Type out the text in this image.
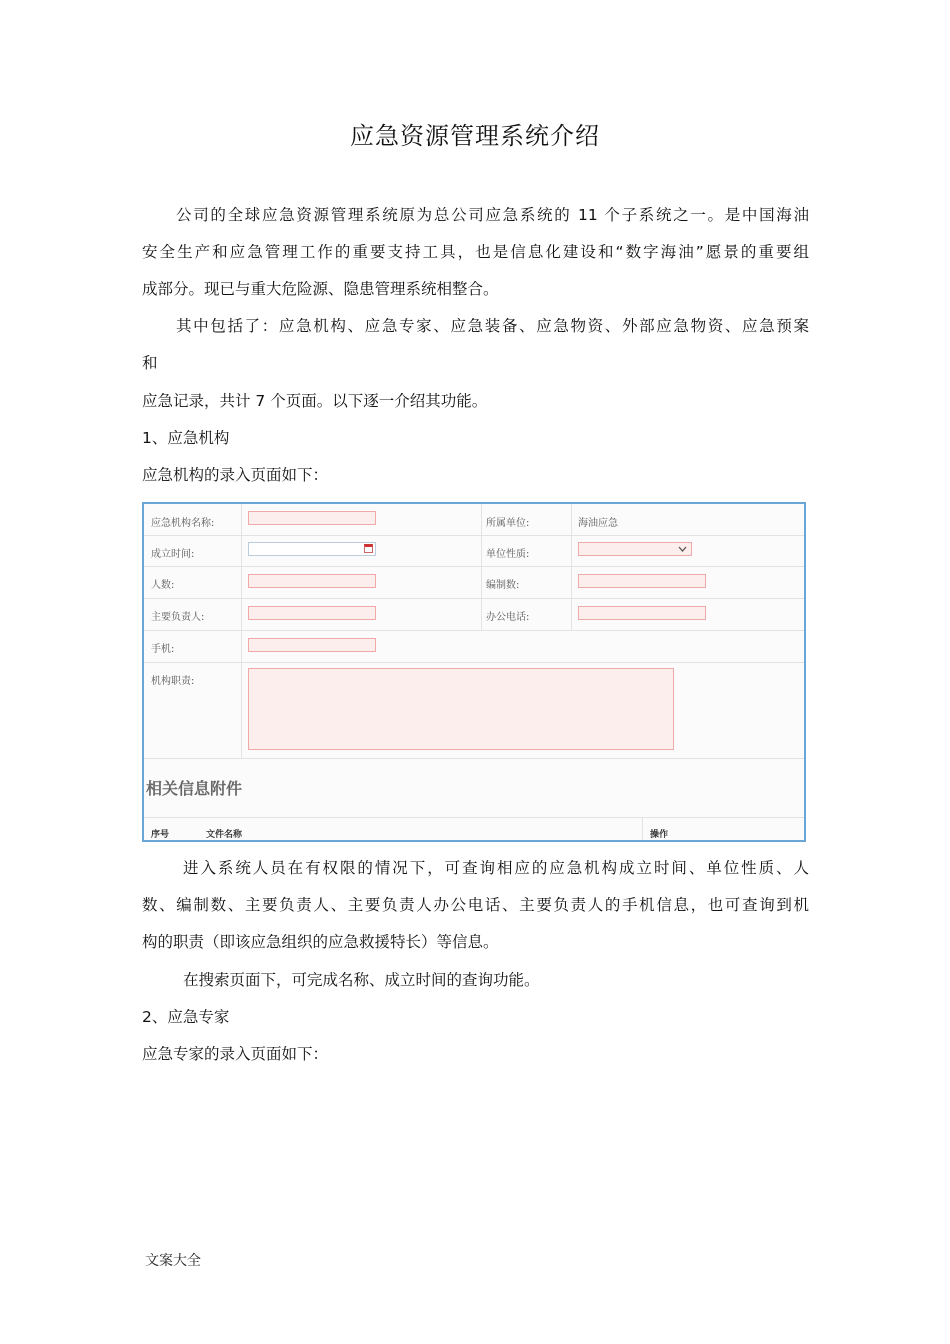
应急资源管理系统介绍
公司的全球应急资源管理系统原为总公司应急系统的 11 个子系统之一。是中国海油
安全生产和应急管理工作的重要支持工具，也是信息化建设和“数字海油”愿景的重要组
成部分。现已与重大危险源、隐患管理系统相整合。
其中包括了：应急机构、应急专家、应急装备、应急物资、外部应急物资、应急预案
和
应急记录，共计 7 个页面。以下逐一介绍其功能。
1、应急机构
应急机构的录入页面如下：
应急机构名称:	所属单位:	海油应急
成立时间:	单位性质:
人数:	编制数:
主要负责人:	办公电话:
手机:
机构职责:
相关信息附件
序号	文件名称	操作
进入系统人员在有权限的情况下，可查询相应的应急机构成立时间、单位性质、人
数、编制数、主要负责人、主要负责人办公电话、主要负责人的手机信息，也可查询到机
构的职责（即该应急组织的应急救援特长）等信息。
在搜索页面下，可完成名称、成立时间的查询功能。
2、应急专家
应急专家的录入页面如下：
文案大全
